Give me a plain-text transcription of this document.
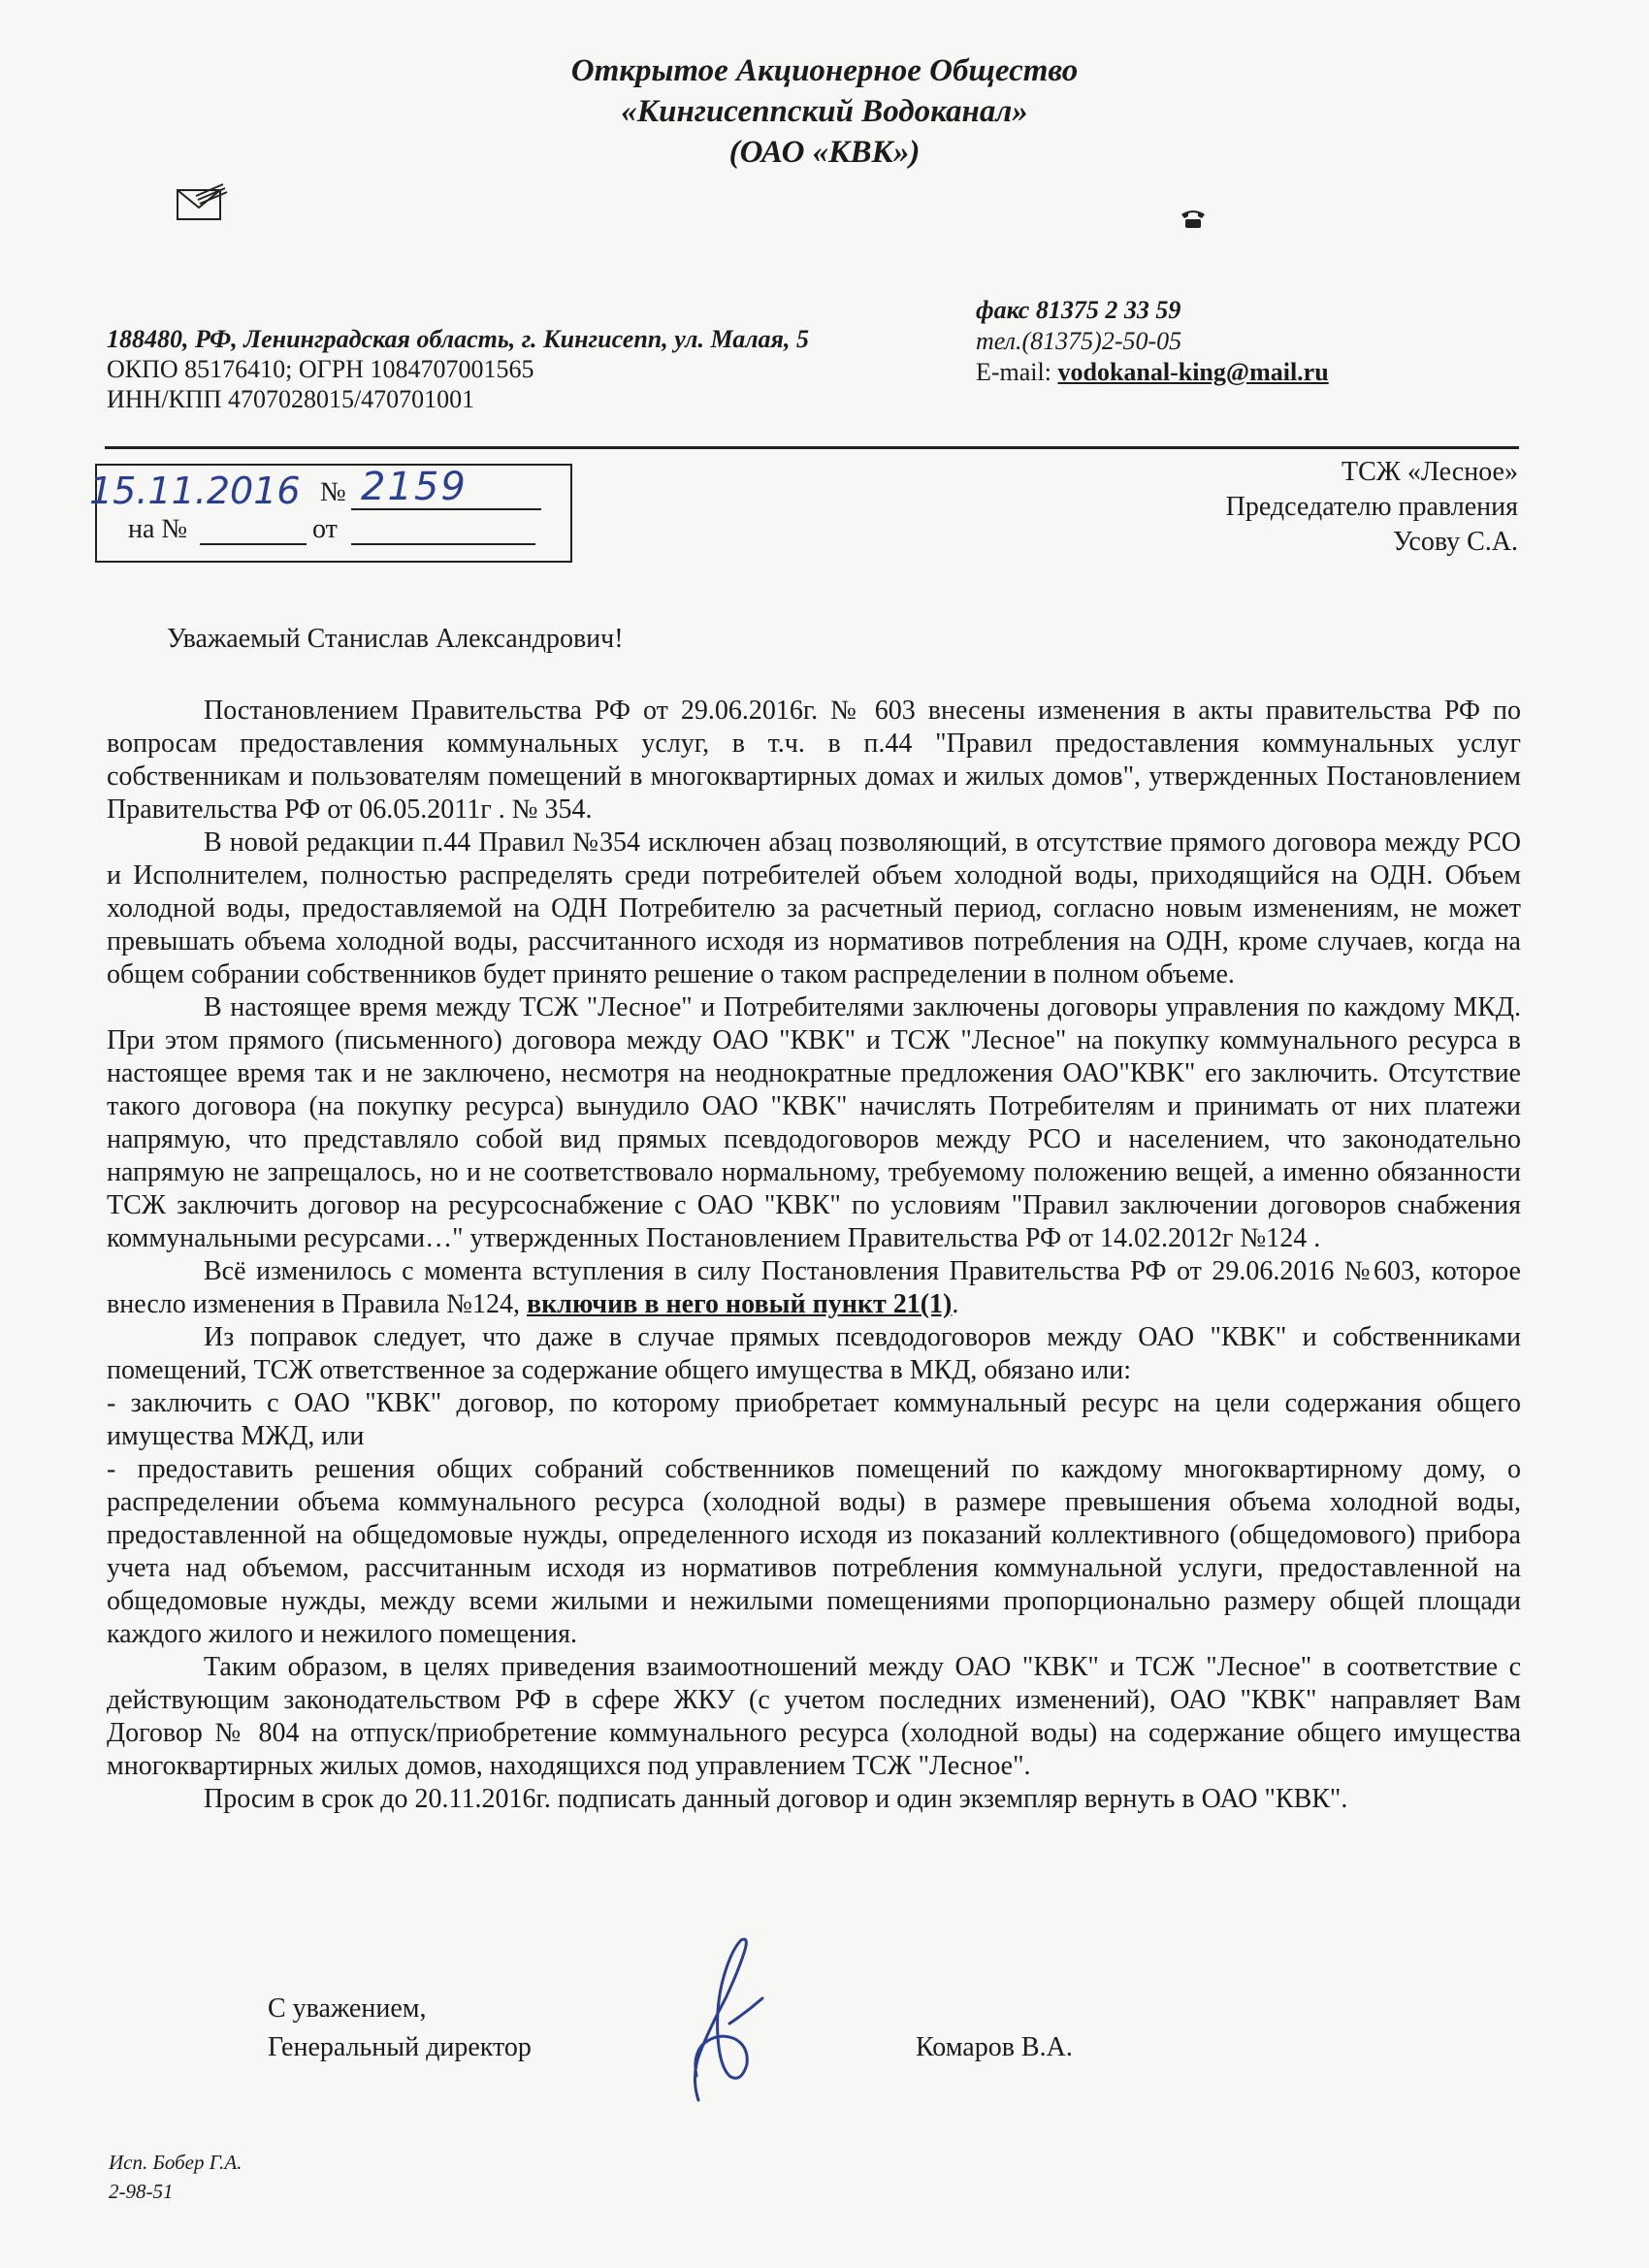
Открытое Акционерное Общество
«Кингисеппский Водоканал»
(ОАО «КВК»)
188480, РФ, Ленинградская область, г. Кингисепп, ул. Малая, 5
ОКПО 85176410; ОГРН 1084707001565
ИНН/КПП 4707028015/470701001
факс 81375 2 33 59
тел.(81375)2-50-05
E-mail: vodokanal-king@mail.ru
15.11.2016 № 2159
на №	от
ТСЖ «Лесное»
Председателю правления
Усову С.А.

Уважаемый Станислав Александрович!

Постановлением Правительства РФ от 29.06.2016г. № 603 внесены изменения в акты правительства РФ по вопросам предоставления коммунальных услуг, в т.ч. в п.44 "Правил предоставления коммунальных услуг собственникам и пользователям помещений в многоквартирных домах и жилых домов", утвержденных Постановлением Правительства РФ от 06.05.2011г . № 354.

В новой редакции п.44 Правил №354 исключен абзац позволяющий, в отсутствие прямого договора между РСО и Исполнителем, полностью распределять среди потребителей объем холодной воды, приходящийся на ОДН. Объем холодной воды, предоставляемой на ОДН Потребителю за расчетный период, согласно новым изменениям, не может превышать объема холодной воды, рассчитанного исходя из нормативов потребления на ОДН, кроме случаев, когда на общем собрании собственников будет принято решение о таком распределении в полном объеме.

В настоящее время между ТСЖ "Лесное" и Потребителями заключены договоры управления по каждому МКД. При этом прямого (письменного) договора между ОАО "КВК" и ТСЖ "Лесное" на покупку коммунального ресурса в настоящее время так и не заключено, несмотря на неоднократные предложения ОАО"КВК" его заключить. Отсутствие такого договора (на покупку ресурса) вынудило ОАО "КВК" начислять Потребителям и принимать от них платежи напрямую, что представляло собой вид прямых псевдодоговоров между РСО и населением, что законодательно напрямую не запрещалось, но и не соответствовало нормальному, требуемому положению вещей, а именно обязанности ТСЖ заключить договор на ресурсоснабжение с ОАО "КВК" по условиям "Правил заключении договоров снабжения коммунальными ресурсами…" утвержденных Постановлением Правительства РФ от 14.02.2012г №124 .

Всё изменилось с момента вступления в силу Постановления Правительства РФ от 29.06.2016 №603, которое внесло изменения в Правила №124, включив в него новый пункт 21(1).

Из поправок следует, что даже в случае прямых псевдодоговоров между ОАО "КВК" и собственниками помещений, ТСЖ ответственное за содержание общего имущества в МКД, обязано или:

- заключить с ОАО "КВК" договор, по которому приобретает коммунальный ресурс на цели содержания общего имущества МЖД, или

- предоставить решения общих собраний собственников помещений по каждому многоквартирному дому, о распределении объема коммунального ресурса (холодной воды) в размере превышения объема холодной воды, предоставленной на общедомовые нужды, определенного исходя из показаний коллективного (общедомового) прибора учета над объемом, рассчитанным исходя из нормативов потребления коммунальной услуги, предоставленной на общедомовые нужды, между всеми жилыми и нежилыми помещениями пропорционально размеру общей площади каждого жилого и нежилого помещения.

Таким образом, в целях приведения взаимоотношений между ОАО "КВК" и ТСЖ "Лесное" в соответствие с действующим законодательством РФ в сфере ЖКУ (с учетом последних изменений), ОАО "КВК" направляет Вам Договор № 804 на отпуск/приобретение коммунального ресурса (холодной воды) на содержание общего имущества многоквартирных жилых домов, находящихся под управлением ТСЖ "Лесное".

Просим в срок до 20.11.2016г. подписать данный договор и один экземпляр вернуть в ОАО "КВК".

С уважением,
Генеральный директор	Комаров В.А.
Исп. Бобер Г.А.
2-98-51
